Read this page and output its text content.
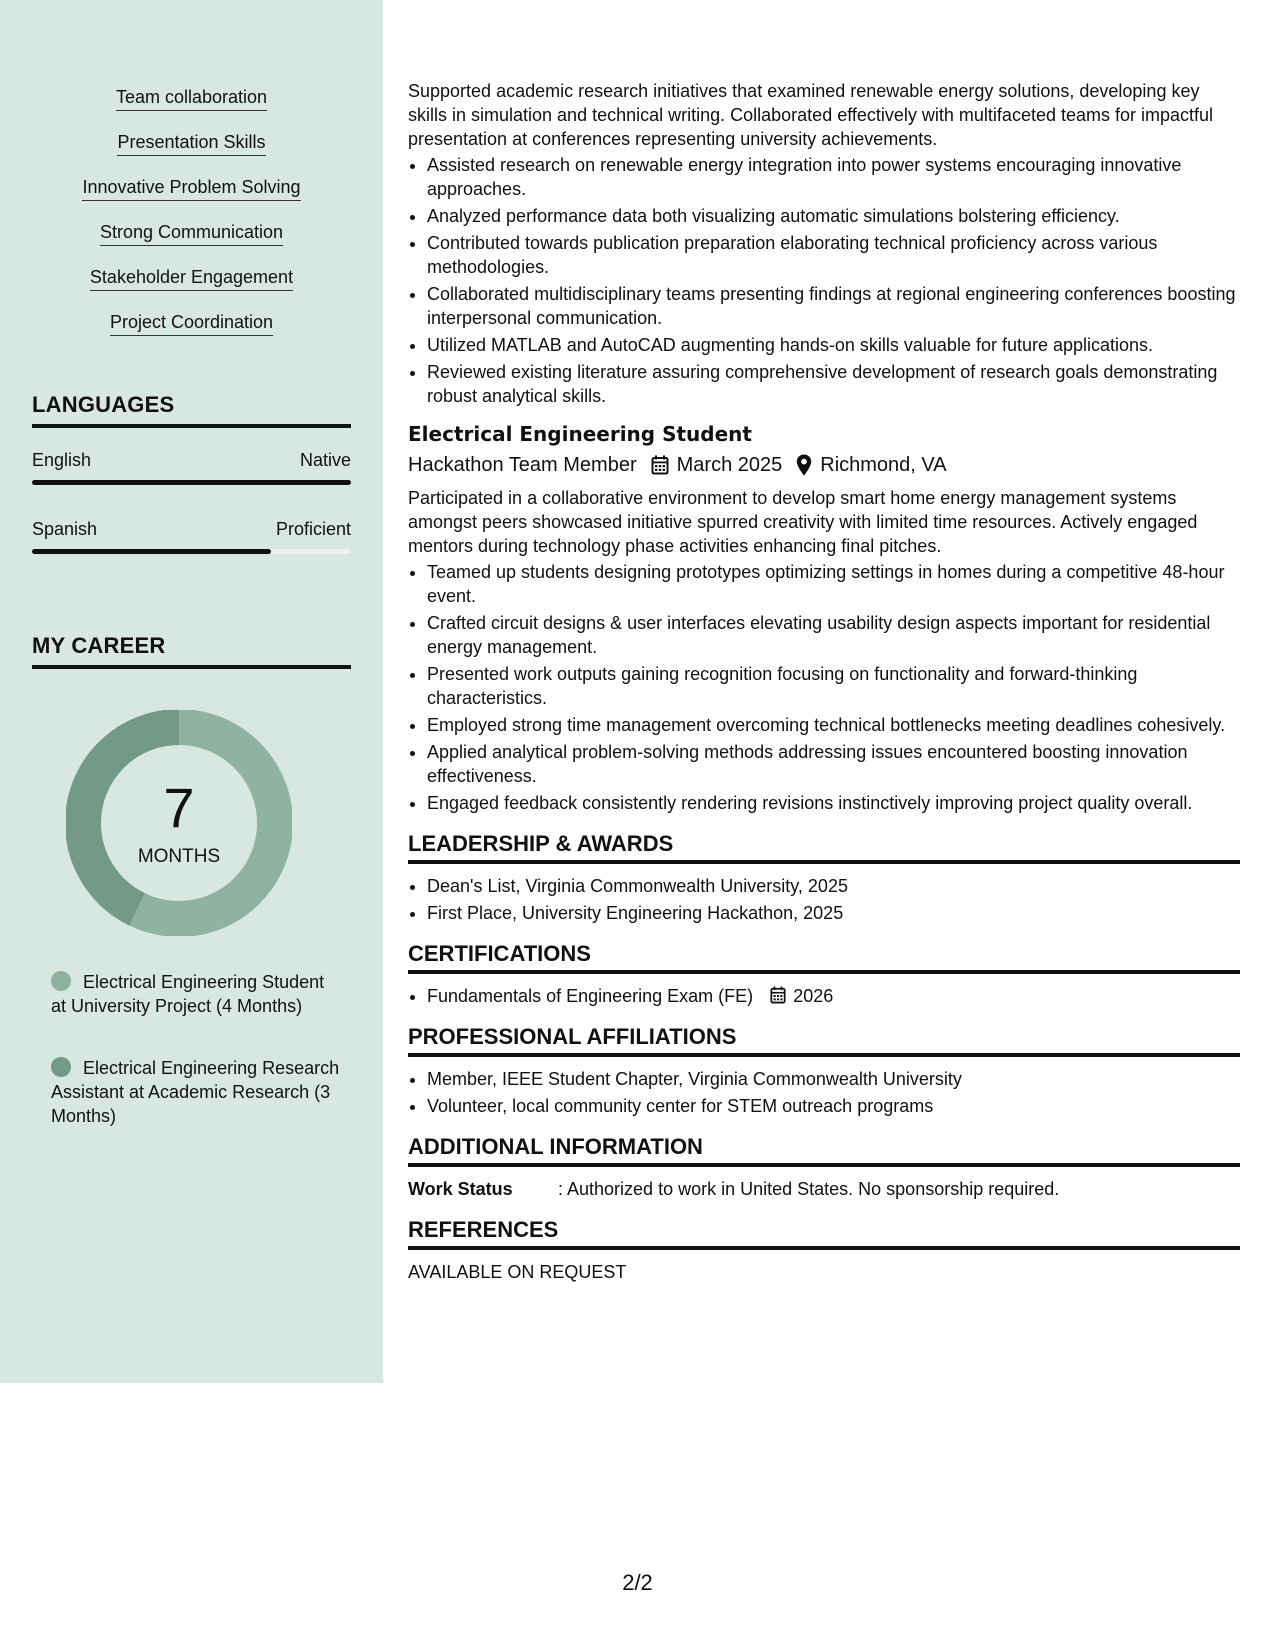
Team collaboration
Presentation Skills
Innovative Problem Solving
Strong Communication
Stakeholder Engagement
Project Coordination
LANGUAGES
English	Native
Spanish	Proficient
MY CAREER
7
MONTHS
Electrical Engineering Student at University Project (4 Months)
Electrical Engineering Research Assistant at Academic Research (3 Months)

Supported academic research initiatives that examined renewable energy solutions, developing key skills in simulation and technical writing. Collaborated effectively with multifaceted teams for impactful presentation at conferences representing university achievements.

• Assisted research on renewable energy integration into power systems encouraging innovative approaches.
• Analyzed performance data both visualizing automatic simulations bolstering efficiency.
• Contributed towards publication preparation elaborating technical proficiency across various methodologies.
• Collaborated multidisciplinary teams presenting findings at regional engineering conferences boosting interpersonal communication.
• Utilized MATLAB and AutoCAD augmenting hands-on skills valuable for future applications.
• Reviewed existing literature assuring comprehensive development of research goals demonstrating robust analytical skills.
Electrical Engineering Student
Hackathon Team Member March 2025 Richmond, VA

Participated in a collaborative environment to develop smart home energy management systems amongst peers showcased initiative spurred creativity with limited time resources. Actively engaged mentors during technology phase activities enhancing final pitches.

• Teamed up students designing prototypes optimizing settings in homes during a competitive 48-hour event.
• Crafted circuit designs & user interfaces elevating usability design aspects important for residential energy management.
• Presented work outputs gaining recognition focusing on functionality and forward-thinking characteristics.
• Employed strong time management overcoming technical bottlenecks meeting deadlines cohesively.
• Applied analytical problem-solving methods addressing issues encountered boosting innovation effectiveness.
• Engaged feedback consistently rendering revisions instinctively improving project quality overall.
LEADERSHIP & AWARDS
• Dean's List, Virginia Commonwealth University, 2025
• First Place, University Engineering Hackathon, 2025
CERTIFICATIONS
• Fundamentals of Engineering Exam (FE) 2026
PROFESSIONAL AFFILIATIONS
• Member, IEEE Student Chapter, Virginia Commonwealth University
• Volunteer, local community center for STEM outreach programs
ADDITIONAL INFORMATION
Work Status	: Authorized to work in United States. No sponsorship required.
REFERENCES
AVAILABLE ON REQUEST
2/2
